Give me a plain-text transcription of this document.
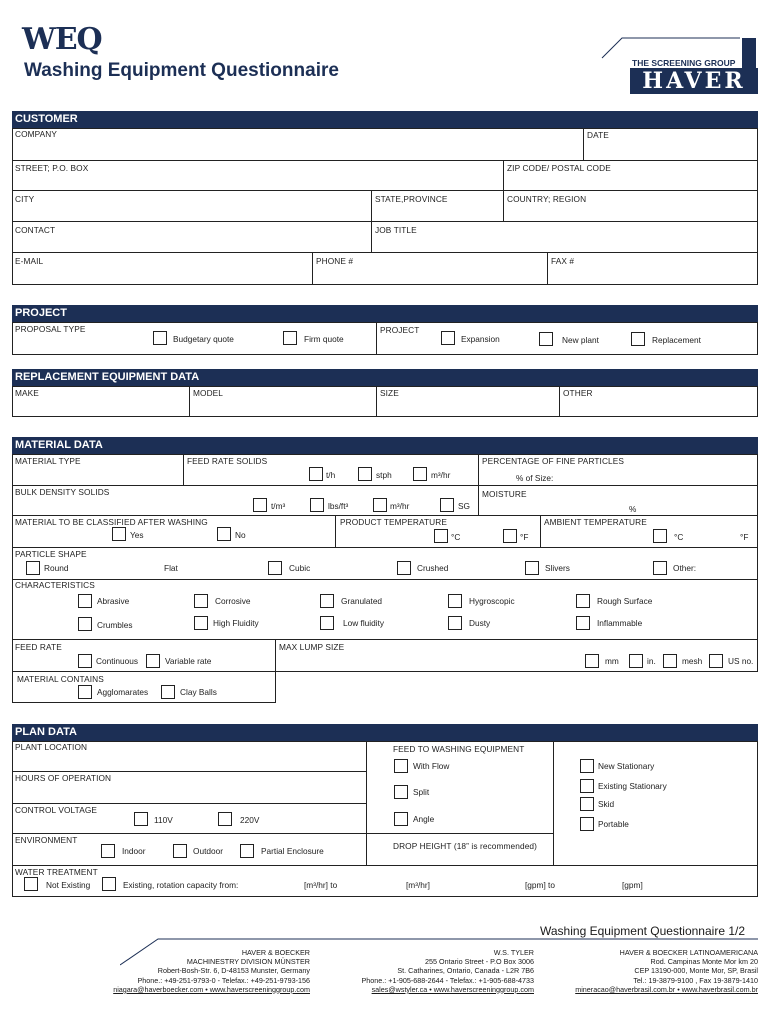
WEQ
Washing Equipment Questionnaire	THE SCREENING GROUP
HAVER
CUSTOMER
COMPANY	DATE
STREET; P.O. BOX	ZIP CODE/ POSTAL CODE
CITY	STATE,PROVINCE	COUNTRY; REGION
CONTACT	JOB TITLE
E-MAIL	PHONE #	FAX #
PROJECT
PROPOSAL TYPE
Budgetary quote	Firm quote
PROJECT
Expansion	New plant	Replacement
REPLACEMENT EQUIPMENT DATA
MAKE	MODEL	SIZE	OTHER
MATERIAL DATA
MATERIAL TYPE	FEED RATE SOLIDS
t/h	stph	m³/hr
PERCENTAGE OF FINE PARTICLES
% of Size:
BULK DENSITY SOLIDS
t/m³	lbs/ft³	m³/hr	SG
MOISTURE
%
MATERIAL TO BE CLASSIFIED AFTER WASHING
Yes	No
PRODUCT TEMPERATURE
°C	°F
AMBIENT TEMPERATURE
°C	°F
PARTICLE SHAPE
Round	Flat	Cubic	Crushed	Slivers	Other:
CHARACTERISTICS
Abrasive	Corrosive	Granulated	Hygroscopic	Rough Surface
Crumbles	High Fluidity	Low fluidity	Dusty	Inflammable
FEED RATE
Continuous	Variable rate
MAX LUMP SIZE
mm	in.	mesh	US no.
MATERIAL CONTAINS
Agglomarates	Clay Balls
PLAN DATA
PLANT LOCATION
HOURS OF OPERATION
CONTROL VOLTAGE
110V	220V
ENVIRONMENT
Indoor	Outdoor	Partial Enclosure
FEED TO WASHING EQUIPMENT
With Flow
Split
Angle
DROP HEIGHT (18” is recommended)
New Stationary
Existing Stationary
Skid
Portable
WATER TREATMENT
Not Existing	Existing, rotation capacity from:	[m³/hr] to	[m³/hr]	[gpm] to	[gpm]
Washing Equipment Questionnaire 1/2
HAVER & BOECKER
MACHINESTRY DIVISION MÜNSTER
Robert-Bosh-Str. 6, D-48153 Munster, Germany
Phone.: +49-251-9793-0 - Telefax.: +49-251-9793-156
niagara@haverboecker.com • www.haverscreeninggroup.com
W.S. TYLER
255 Ontario Street - P.O Box 3006
St. Catharines, Ontario, Canada - L2R 7B6
Phone.: +1-905-688-2644 - Telefax.: +1-905-688-4733
sales@wstyler.ca • www.haverscreeninggroup.com
HAVER & BOECKER LATINOAMERICANA
Rod. Campinas Monte Mor km 20
CEP 13190-000, Monte Mor, SP, Brasil
Tel.: 19-3879-9100 , Fax 19-3879-1410
mineracao@haverbrasil.com.br • www.haverbrasil.com.br
